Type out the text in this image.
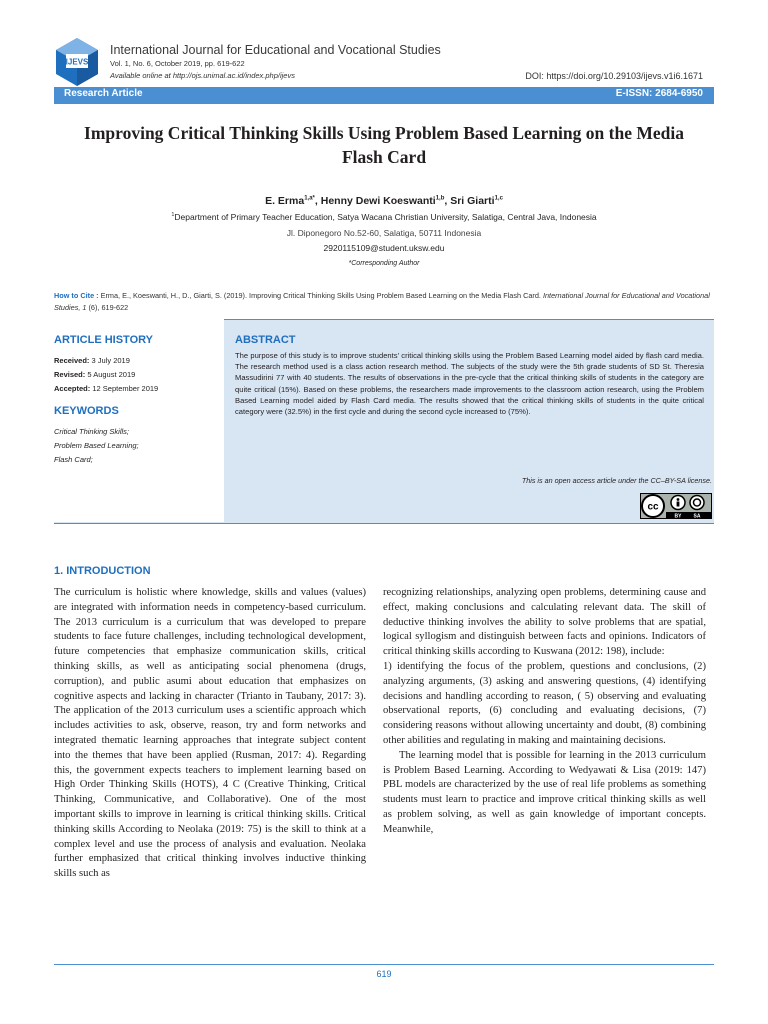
IJEVS
International Journal for Educational and Vocational Studies
Vol. 1, No. 6, October 2019, pp. 619-622
Available online at http://ojs.unimal.ac.id/index.php/ijevs	DOI: https://doi.org/10.29103/ijevs.v1i6.1671
Research Article	E-ISSN: 2684-6950
Improving Critical Thinking Skills Using Problem Based Learning on the Media Flash Card
E. Erma$^{1,a*}$, Henny Dewi Koeswanti$^{1,b}$, Sri Giarti$^{1,c}$
$^1$Department of Primary Teacher Education, Satya Wacana Christian University, Salatiga, Central Java, Indonesia
Jl. Diponegoro No.52-60, Salatiga, 50711 Indonesia
2920115109@student.uksw.edu
*Corresponding Author
How to Cite : Erma, E., Koeswanti, H., D., Giarti, S. (2019). Improving Critical Thinking Skills Using Problem Based Learning on the Media Flash Card. International Journal for Educational and Vocational Studies, 1 (6), 619-622
ARTICLE HISTORY
Received: 3 July 2019
Revised: 5 August 2019
Accepted: 12 September 2019
KEYWORDS
Critical Thinking Skills;
Problem Based Learning;
Flash Card;
ABSTRACT
The purpose of this study is to improve students' critical thinking skills using the Problem Based Learning model aided by flash card media. The research method used is a class action research method. The subjects of the study were the 5th grade students of SD St. Theresia Massudirini 77 with 40 students. The results of observations in the pre-cycle that the critical thinking skills of students in the category are quite critical (15%). Based on these problems, the researchers made improvements to the classroom action research, using the Problem Based Learning model aided by Flash Card media. The results showed that the critical thinking skills of students in the quite critical category were (32.5%) in the first cycle and during the second cycle increased to (75%).
This is an open access article under the CC–BY-SA license.
cc
BY SA
1. INTRODUCTION

The curriculum is holistic where knowledge, skills and values (values) are integrated with information needs in competency-based curriculum. The 2013 curriculum is a curriculum that was developed to prepare students to face future challenges, including technological development, future competencies that emphasize communication skills, critical thinking skills, as well as anticipating social phenomena (drugs, corruption), and public asumi about education that emphasizes on cognitive aspects and lacking in character (Trianto in Taubany, 2017: 3). The application of the 2013 curriculum uses a scientific approach which includes activities to ask, observe, reason, try and form networks and integrated thematic learning approaches that integrate subject content into the themes that have been applied (Rusman, 2017: 4). Regarding this, the government expects teachers to implement learning based on High Order Thinking Skills (HOTS), 4 C (Creative Thinking, Critical Thinking, Communicative, and Collaborative). One of the most important skills to improve in learning is critical thinking skills. Critical thinking skills According to Neolaka (2019: 75) is the skill to think at a complex level and use the process of analysis and evaluation. Neolaka further emphasized that critical thinking involves inductive thinking skills such as

recognizing relationships, analyzing open problems, determining cause and effect, making conclusions and calculating relevant data. The skill of deductive thinking involves the ability to solve problems that are spatial, logical syllogism and distinguish between facts and opinions. Indicators of critical thinking skills according to Kuswana (2012: 198), include:

1) identifying the focus of the problem, questions and conclusions, (2) analyzing arguments, (3) asking and answering questions, (4) identifying decisions and handling according to reason, ( 5) observing and evaluating observational reports, (6) concluding and evaluating decisions, (7) considering reasons without allowing uncertainty and doubt, (8) combining other abilities and regulating in making and maintaining decisions.

The learning model that is possible for learning in the 2013 curriculum is Problem Based Learning. According to Wedyawati & Lisa (2019: 147) PBL models are characterized by the use of real life problems as something students must learn to practice and improve critical thinking skills as well as problem solving, as well as gain knowledge of important concepts. Meanwhile,

619
